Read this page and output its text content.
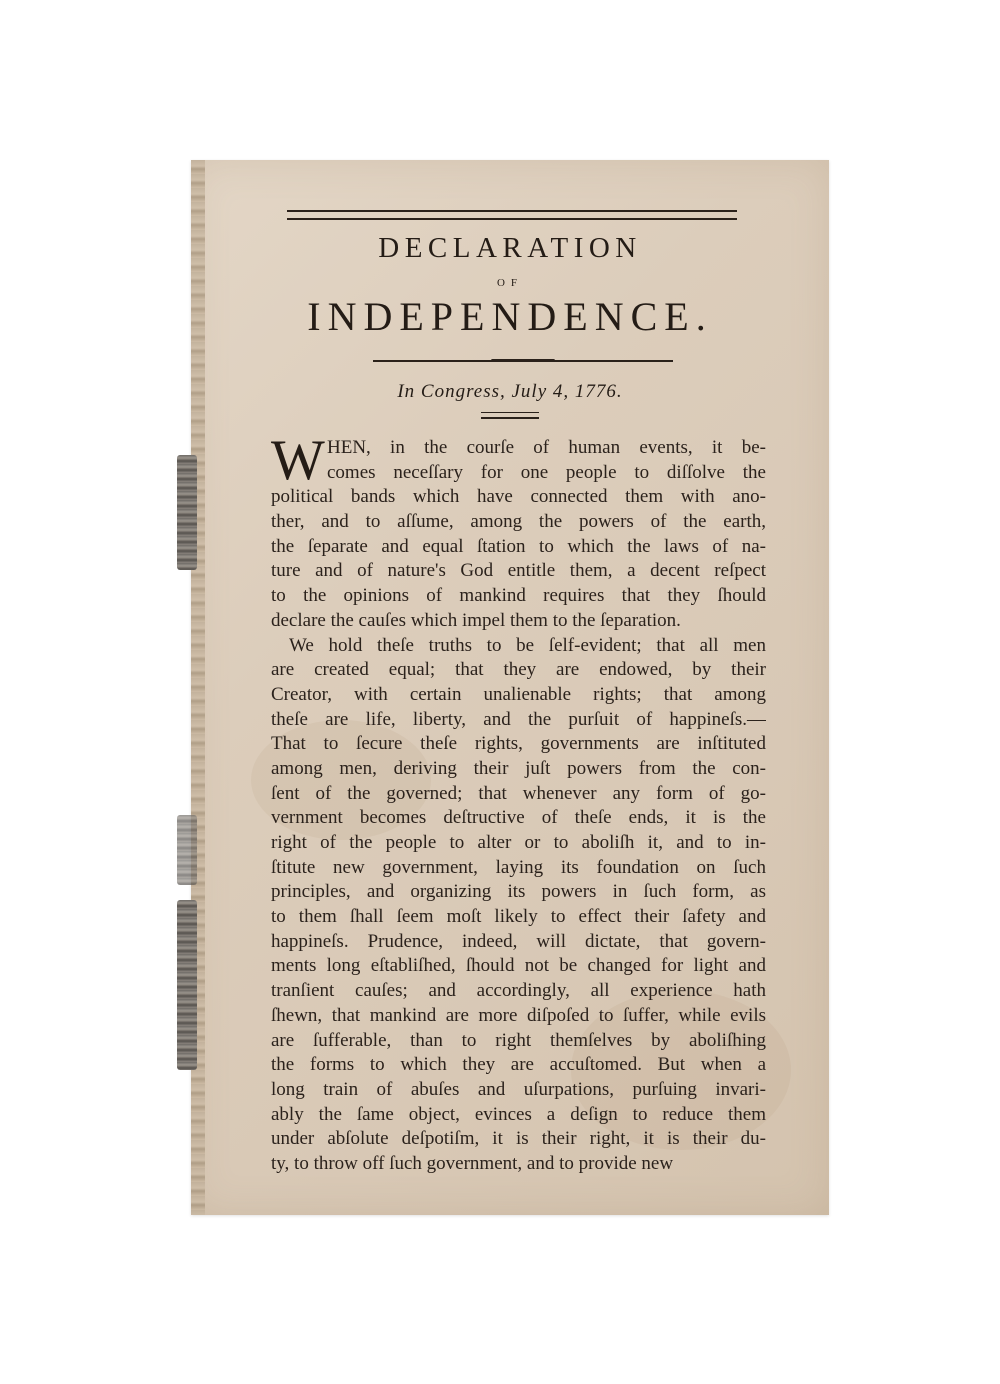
DECLARATION
OF
INDEPENDENCE.
In Congress, July 4, 1776.
W HEN, in the courſe of human events, it be-
comes neceſſary for one people to diſſolve the
political bands which have connected them with ano-
ther, and to aſſume, among the powers of the earth,
the ſeparate and equal ſtation to which the laws of na-
ture and of nature's God entitle them, a decent reſpect
to the opinions of mankind requires that they ſhould
declare the cauſes which impel them to the ſeparation.
We hold theſe truths to be ſelf-evident; that all men
are created equal; that they are endowed, by their
Creator, with certain unalienable rights; that among
theſe are life, liberty, and the purſuit of happineſs.—
That to ſecure theſe rights, governments are inſtituted
among men, deriving their juſt powers from the con-
ſent of the governed; that whenever any form of go-
vernment becomes deſtructive of theſe ends, it is the
right of the people to alter or to aboliſh it, and to in-
ſtitute new government, laying its foundation on ſuch
principles, and organizing its powers in ſuch form, as
to them ſhall ſeem moſt likely to effect their ſafety and
happineſs. Prudence, indeed, will dictate, that govern-
ments long eſtabliſhed, ſhould not be changed for light and
tranſient cauſes; and accordingly, all experience hath
ſhewn, that mankind are more diſpoſed to ſuffer, while evils
are ſufferable, than to right themſelves by aboliſhing
the forms to which they are accuſtomed. But when a
long train of abuſes and uſurpations, purſuing invari-
ably the ſame object, evinces a deſign to reduce them
under abſolute deſpotiſm, it is their right, it is their du-
ty, to throw off ſuch government, and to provide new
